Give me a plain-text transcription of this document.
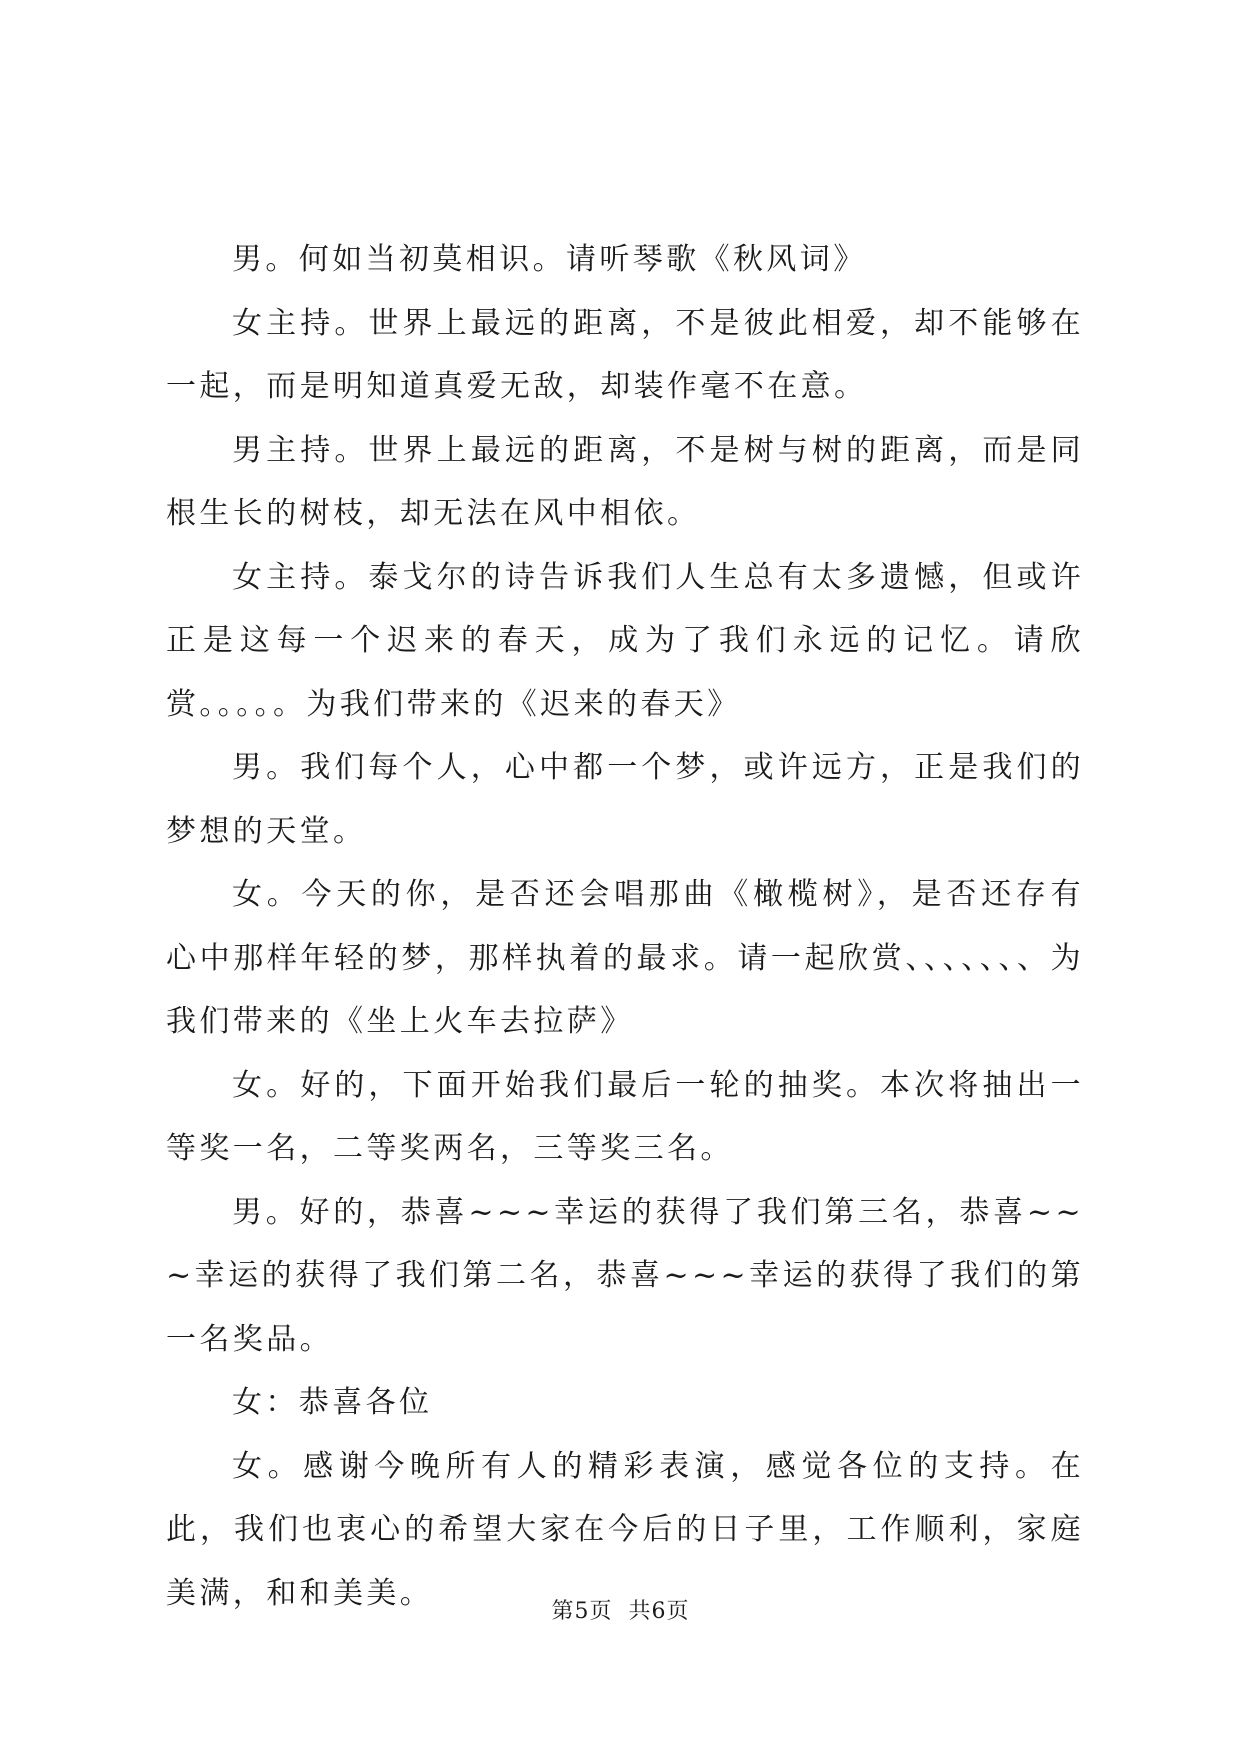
男。何如当初莫相识。请听琴歌《秋风词》

女主持。世界上最远的距离，不是彼此相爱，却不能够在一起，而是明知道真爱无敌，却装作毫不在意。

男主持。世界上最远的距离，不是树与树的距离，而是同根生长的树枝，却无法在风中相依。

女主持。泰戈尔的诗告诉我们人生总有太多遗憾，但或许正是这每一个迟来的春天，成为了我们永远的记忆。请欣赏。。。。。为我们带来的《迟来的春天》

男。我们每个人，心中都一个梦，或许远方，正是我们的梦想的天堂。

女。今天的你，是否还会唱那曲《橄榄树》，是否还存有心中那样年轻的梦，那样执着的最求。请一起欣赏、、、、、、、为我们带来的《坐上火车去拉萨》

女。好的，下面开始我们最后一轮的抽奖。本次将抽出一等奖一名，二等奖两名，三等奖三名。

男。好的，恭喜~~~幸运的获得了我们第三名，恭喜~~~幸运的获得了我们第二名，恭喜~~~幸运的获得了我们的第一名奖品。

女：恭喜各位

女。感谢今晚所有人的精彩表演，感觉各位的支持。在此，我们也衷心的希望大家在今后的日子里，工作顺利，家庭美满，和和美美。

第5页 共6页
